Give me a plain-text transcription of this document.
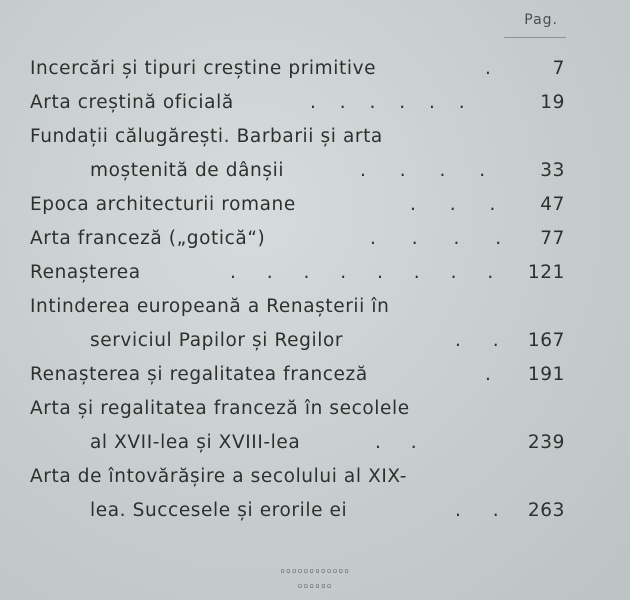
Pag.
Incercări și tipuri creștine primitive	.	7
Arta creștină oficială	. . . . . .	19
Fundații călugărești. Barbarii și arta
moștenită de dânșii	. . . .	33
Epoca architecturii romane	. . . 47
Arta franceză („gotică“)	. . . . 77
Renașterea	. . . . . . . . 121
Intinderea europeană a Renașterii în
serviciul Papilor și Regilor	. . 167
Renașterea și regalitatea franceză	. 191
Arta și regalitatea franceză în secolele
al XVII-lea și XVIII-lea	. .	239
Arta de întovărășire a secolului al XIX-
lea. Succesele și erorile ei	. . 263
▫▫▫▫▫▫▫▫▫▫▫▫
▫▫▫▫▫▫
